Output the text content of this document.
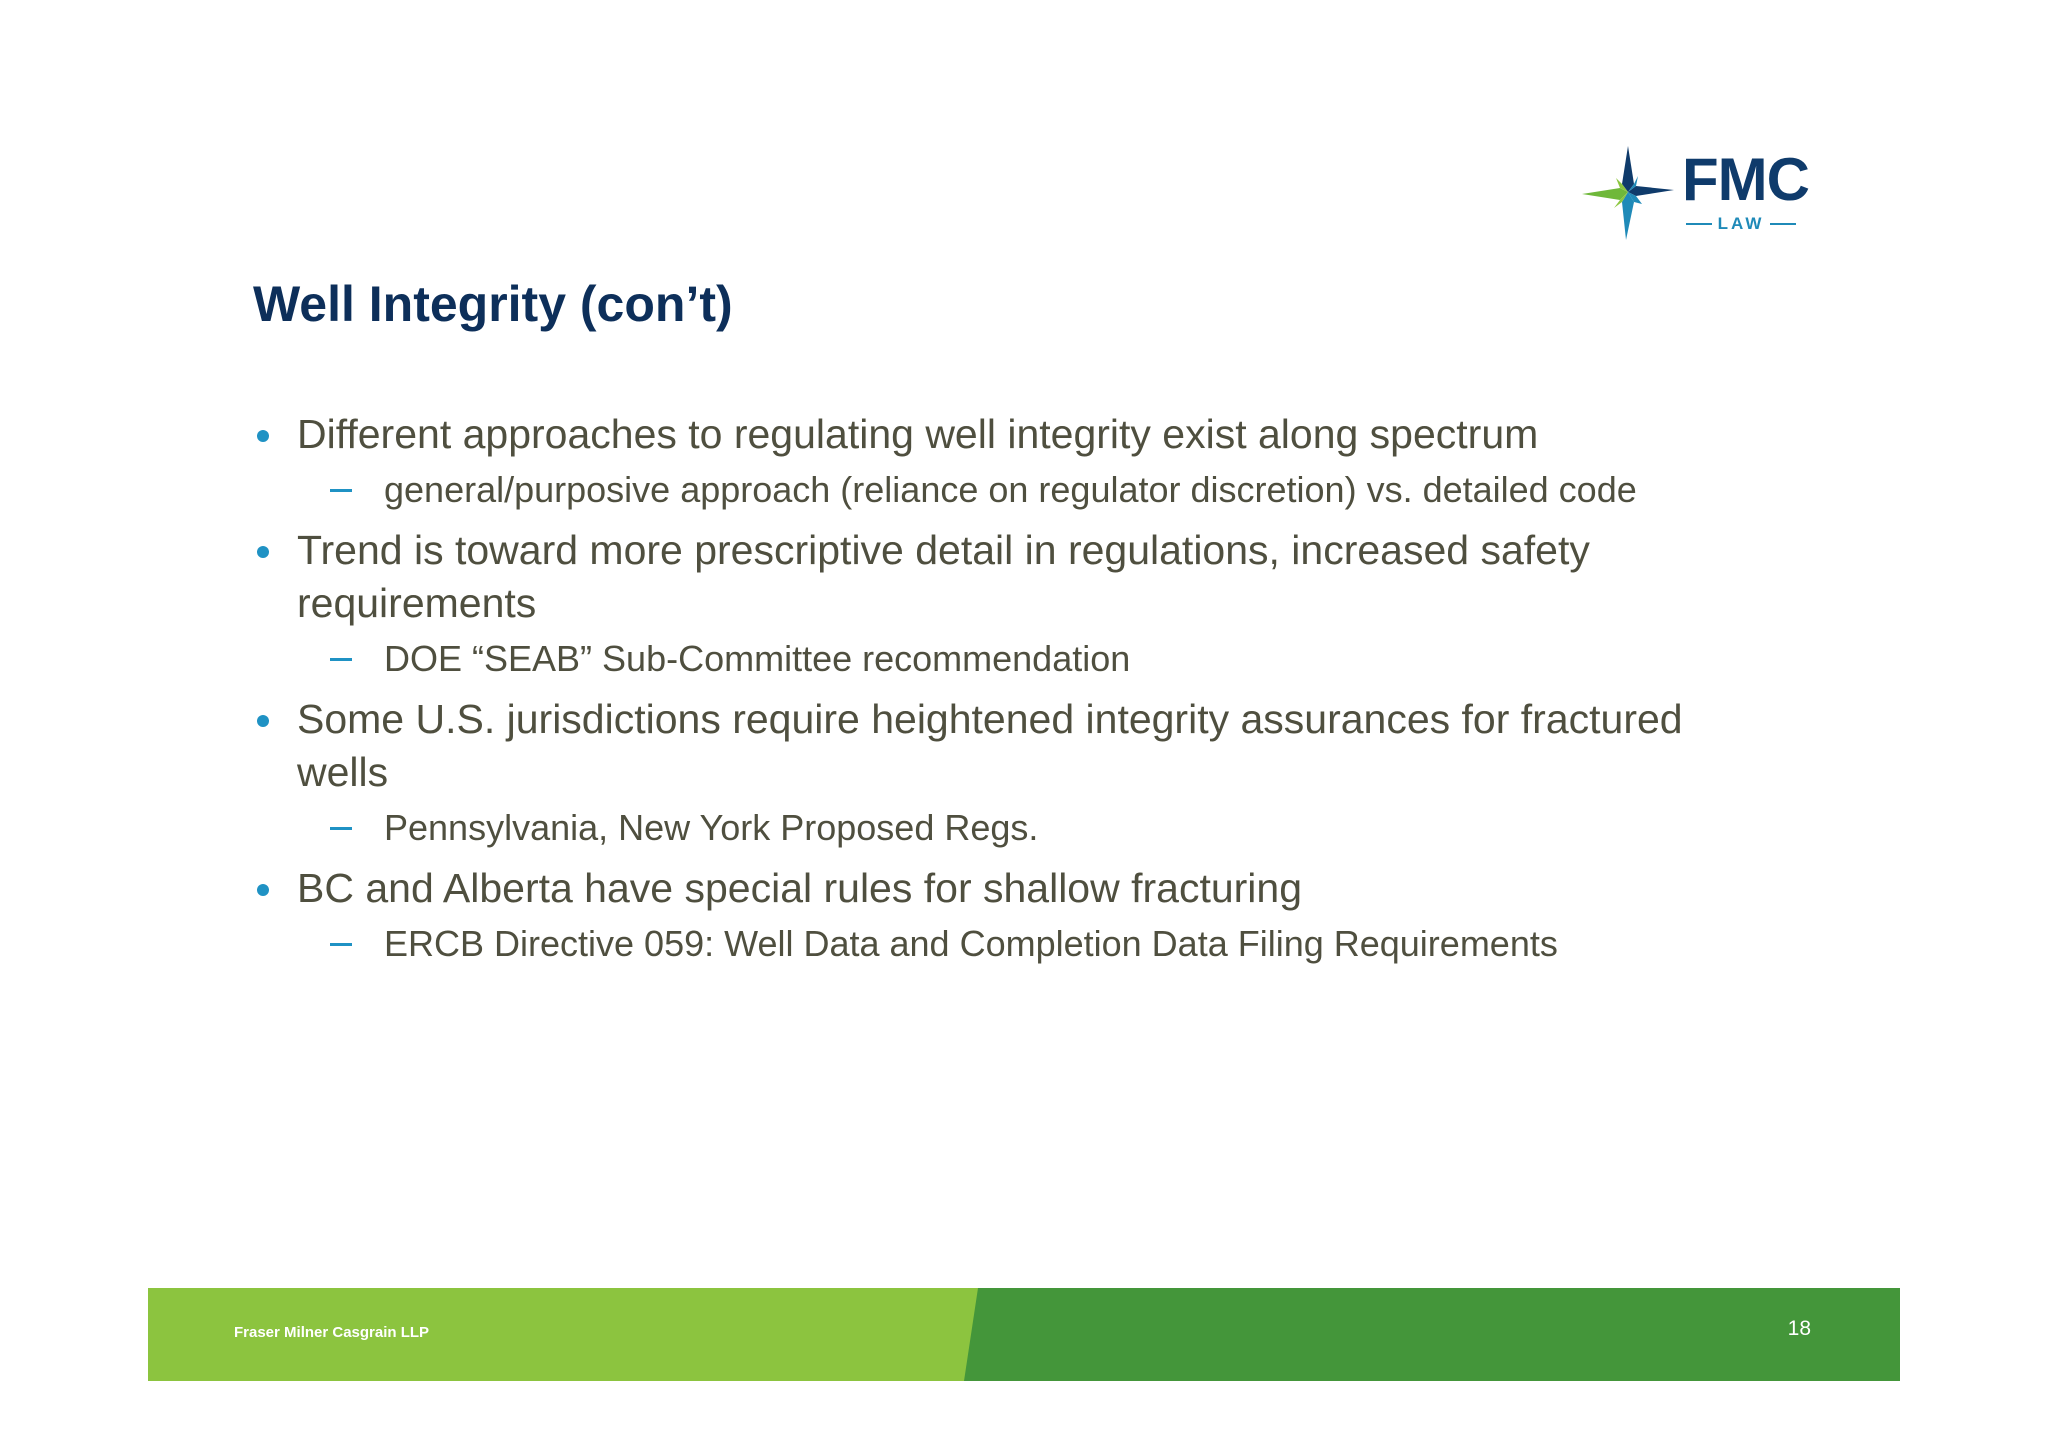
FMC
LAW
Well Integrity (con’t)
Different approaches to regulating well integrity exist along spectrum
general/purposive approach (reliance on regulator discretion) vs. detailed code
Trend is toward more prescriptive detail in regulations, increased safety requirements
DOE “SEAB” Sub-Committee recommendation
Some U.S. jurisdictions require heightened integrity assurances for fractured wells
Pennsylvania, New York Proposed Regs.
BC and Alberta have special rules for shallow fracturing
ERCB Directive 059: Well Data and Completion Data Filing Requirements
Fraser Milner Casgrain LLP	18
